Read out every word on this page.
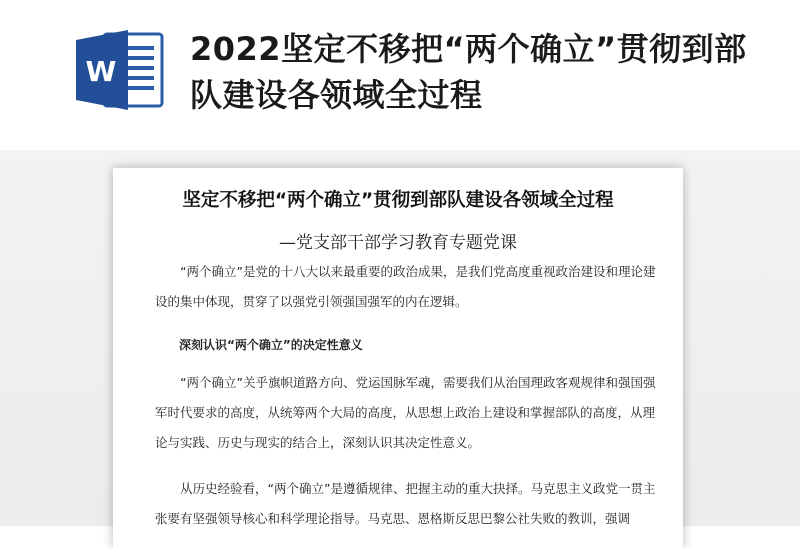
W
2022坚定不移把“两个确立”贯彻到部队建设各领域全过程
坚定不移把“两个确立”贯彻到部队建设各领域全过程
—党支部干部学习教育专题党课

“两个确立”是党的十八大以来最重要的政治成果，是我们党高度重视政治建设和理论建设的集中体现，贯穿了以强党引领强国强军的内在逻辑。

深刻认识“两个确立”的决定性意义

“两个确立”关乎旗帜道路方向、党运国脉军魂，需要我们从治国理政客观规律和强国强军时代要求的高度，从统筹两个大局的高度，从思想上政治上建设和掌握部队的高度，从理论与实践、历史与现实的结合上，深刻认识其决定性意义。

从历史经验看，“两个确立”是遵循规律、把握主动的重大抉择。马克思主义政党一贯主张要有坚强领导核心和科学理论指导。马克思、恩格斯反思巴黎公社失败的教训，强调
